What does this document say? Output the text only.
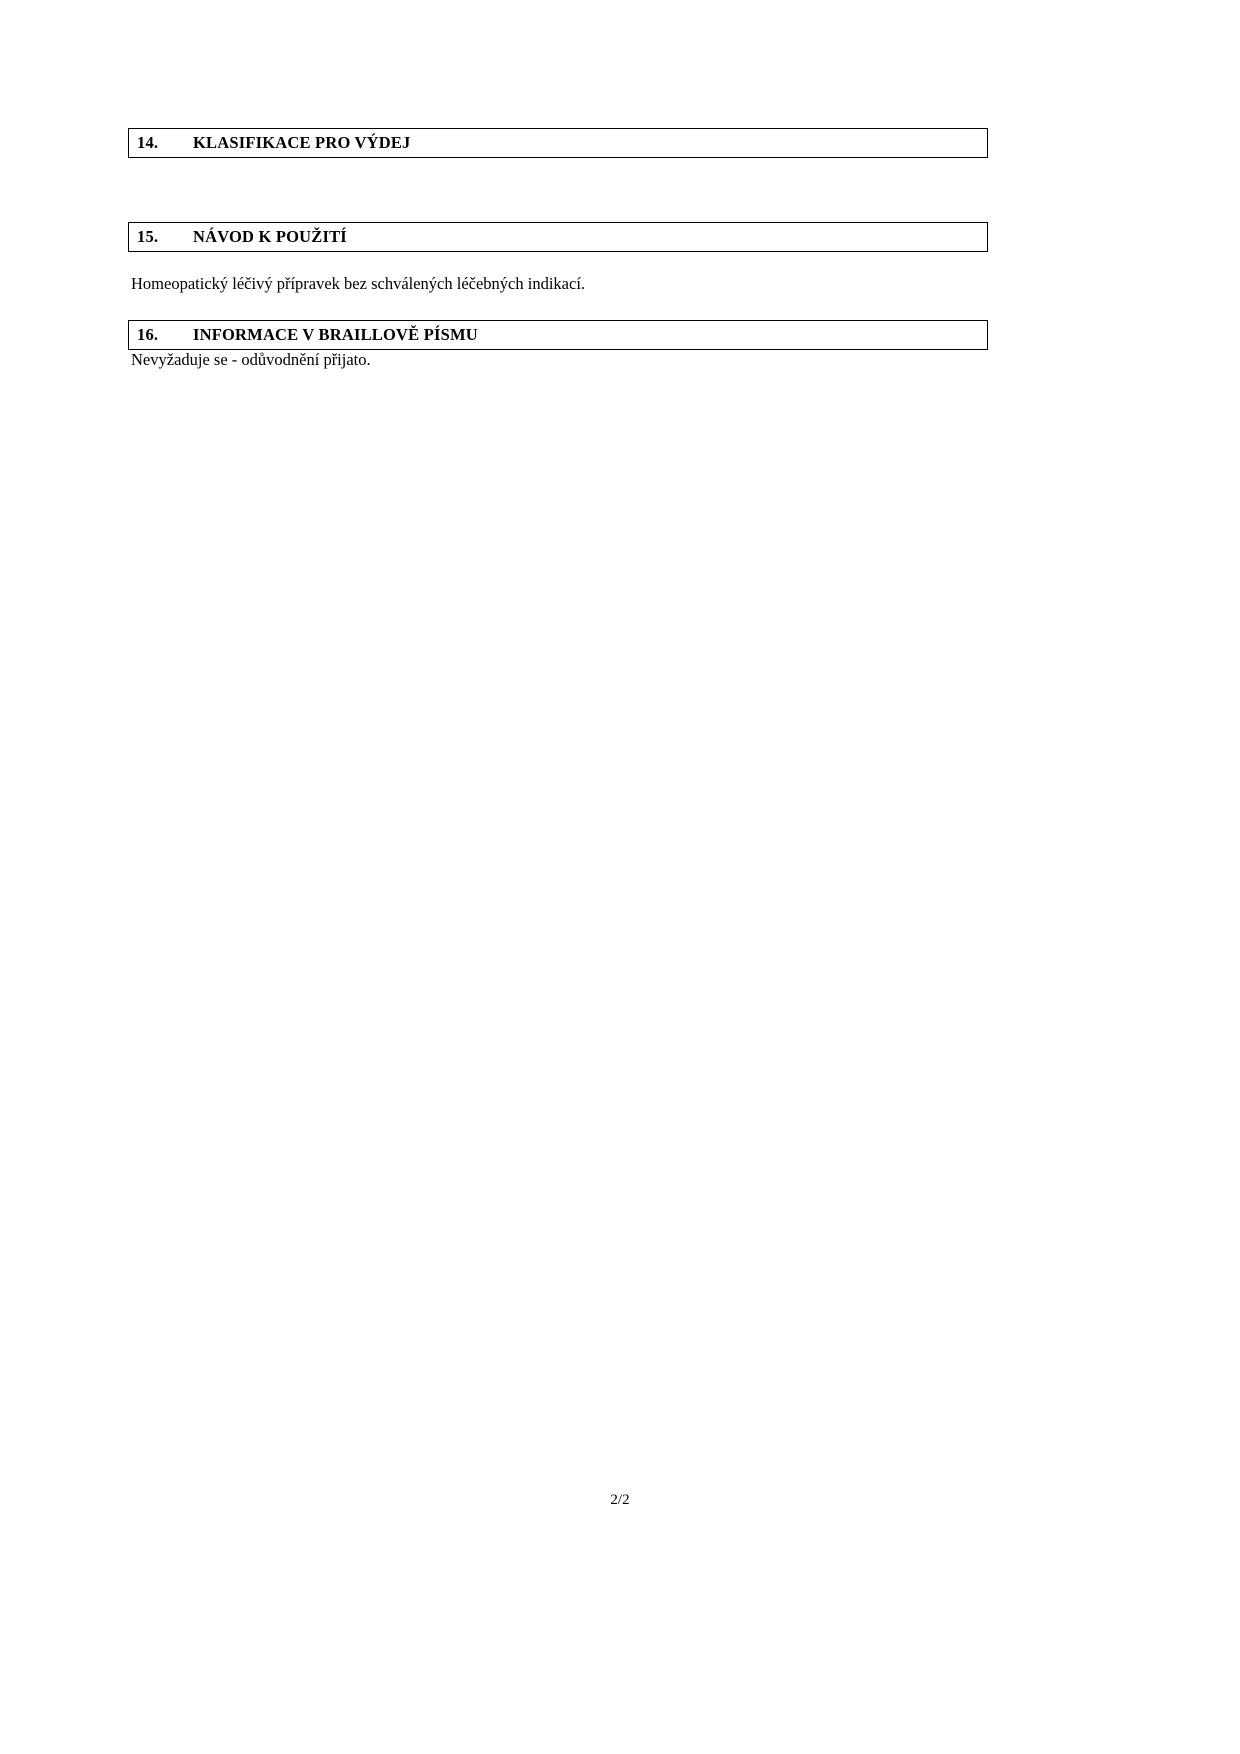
14.	KLASIFIKACE PRO VÝDEJ
15.	NÁVOD K POUŽITÍ
Homeopatický léčivý přípravek bez schválených léčebných indikací.
16.	INFORMACE V BRAILLOVĚ PÍSMU
Nevyžaduje se - odůvodnění přijato.
2/2
